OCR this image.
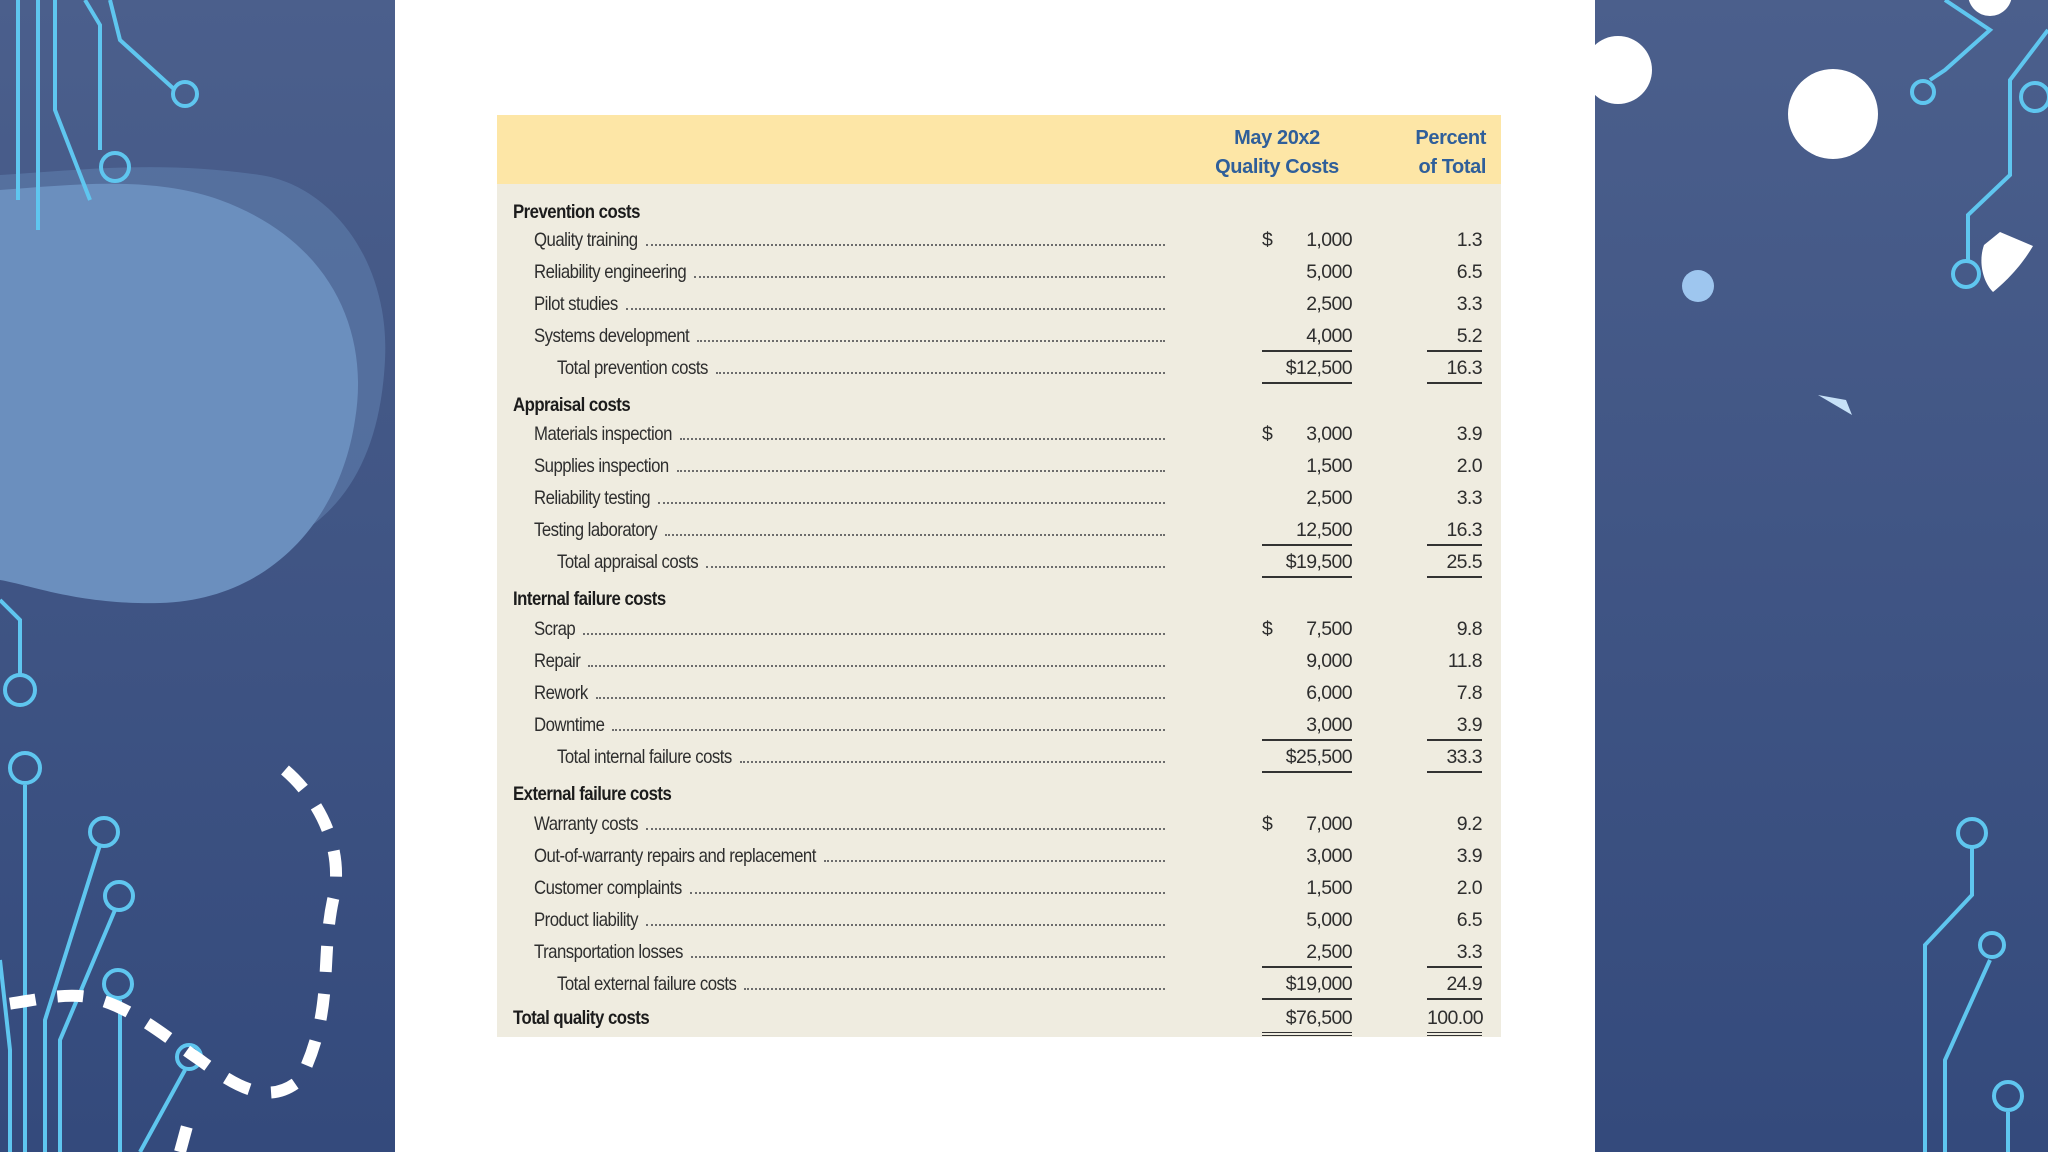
May 20x2
Quality Costs
Percent
of Total
Prevention costs
Quality training	$	1,000	1.3
Reliability engineering	5,000	6.5
Pilot studies	2,500	3.3
Systems development	4,000	5.2
Total prevention costs	$12,500	16.3
Appraisal costs
Materials inspection	$	3,000	3.9
Supplies inspection	1,500	2.0
Reliability testing	2,500	3.3
Testing laboratory	12,500	16.3
Total appraisal costs	$19,500	25.5
Internal failure costs
Scrap	$	7,500	9.8
Repair	9,000	11.8
Rework	6,000	7.8
Downtime	3,000	3.9
Total internal failure costs	$25,500	33.3
External failure costs
Warranty costs	$	7,000	9.2
Out-of-warranty repairs and replacement	3,000	3.9
Customer complaints	1,500	2.0
Product liability	5,000	6.5
Transportation losses	2,500	3.3
Total external failure costs	$19,000	24.9
Total quality costs	$76,500	100.00
